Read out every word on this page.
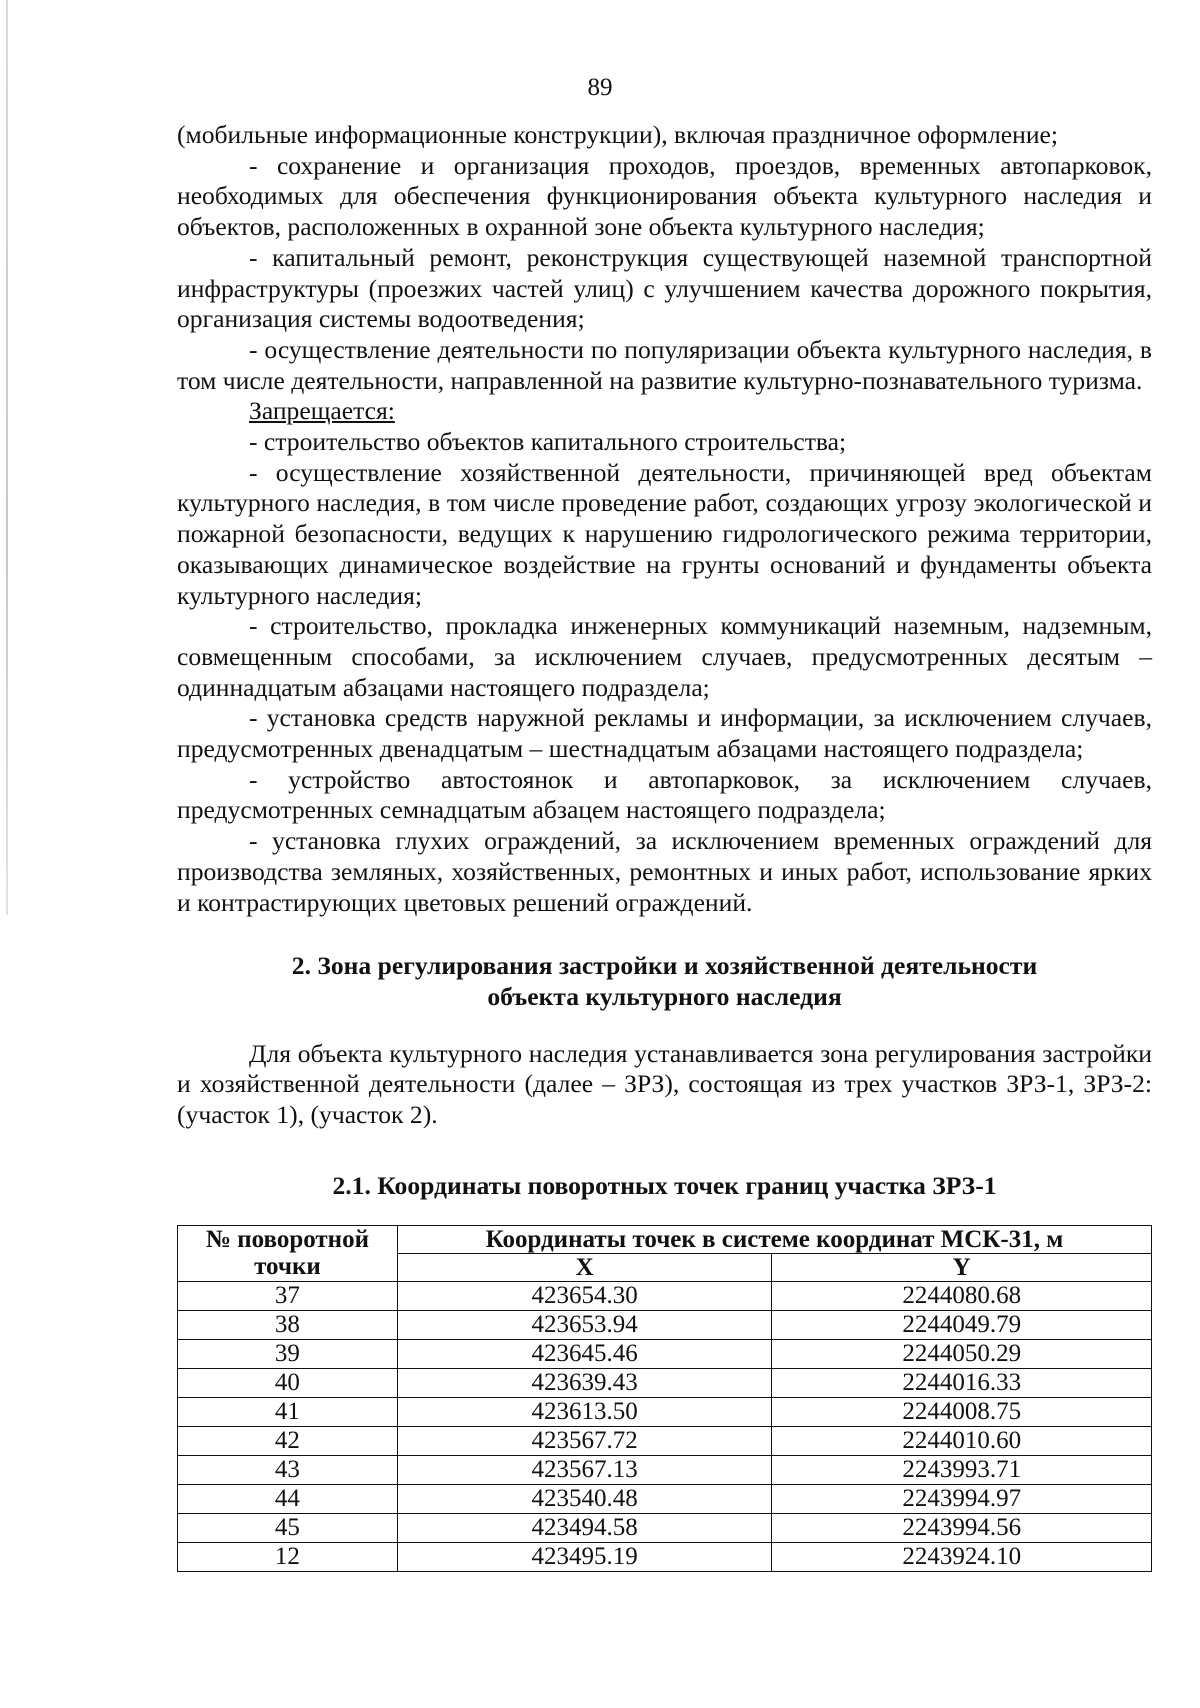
89

(мобильные информационные конструкции), включая праздничное оформление;

- сохранение и организация проходов, проездов, временных автопарковок, необходимых для обеспечения функционирования объекта культурного наследия и объектов, расположенных в охранной зоне объекта культурного наследия;

- капитальный ремонт, реконструкция существующей наземной транспортной инфраструктуры (проезжих частей улиц) с улучшением качества дорожного покрытия, организация системы водоотведения;

- осуществление деятельности по популяризации объекта культурного наследия, в том числе деятельности, направленной на развитие культурно-познавательного туризма.

Запрещается:

- строительство объектов капитального строительства;

- осуществление хозяйственной деятельности, причиняющей вред объектам культурного наследия, в том числе проведение работ, создающих угрозу экологической и пожарной безопасности, ведущих к нарушению гидрологического режима территории, оказывающих динамическое воздействие на грунты оснований и фундаменты объекта культурного наследия;

- строительство, прокладка инженерных коммуникаций наземным, надземным, совмещенным способами, за исключением случаев, предусмотренных десятым – одиннадцатым абзацами настоящего подраздела;

- установка средств наружной рекламы и информации, за исключением случаев, предусмотренных двенадцатым – шестнадцатым абзацами настоящего подраздела;

- устройство автостоянок и автопарковок, за исключением случаев, предусмотренных семнадцатым абзацем настоящего подраздела;

- установка глухих ограждений, за исключением временных ограждений для производства земляных, хозяйственных, ремонтных и иных работ, использование ярких и контрастирующих цветовых решений ограждений.

2. Зона регулирования застройки и хозяйственной деятельности

объекта культурного наследия

Для объекта культурного наследия устанавливается зона регулирования застройки и хозяйственной деятельности (далее – ЗРЗ), состоящая из трех участков ЗРЗ-1, ЗРЗ-2: (участок 1), (участок 2).

2.1. Координаты поворотных точек границ участка ЗРЗ-1

№ поворотной
точки	Координаты точек в системе координат МСК-31, м	
	X	Y
37	423654.30	2244080.68
38	423653.94	2244049.79
39	423645.46	2244050.29
40	423639.43	2244016.33
41	423613.50	2244008.75
42	423567.72	2244010.60
43	423567.13	2243993.71
44	423540.48	2243994.97
45	423494.58	2243994.56
12	423495.19	2243924.10
